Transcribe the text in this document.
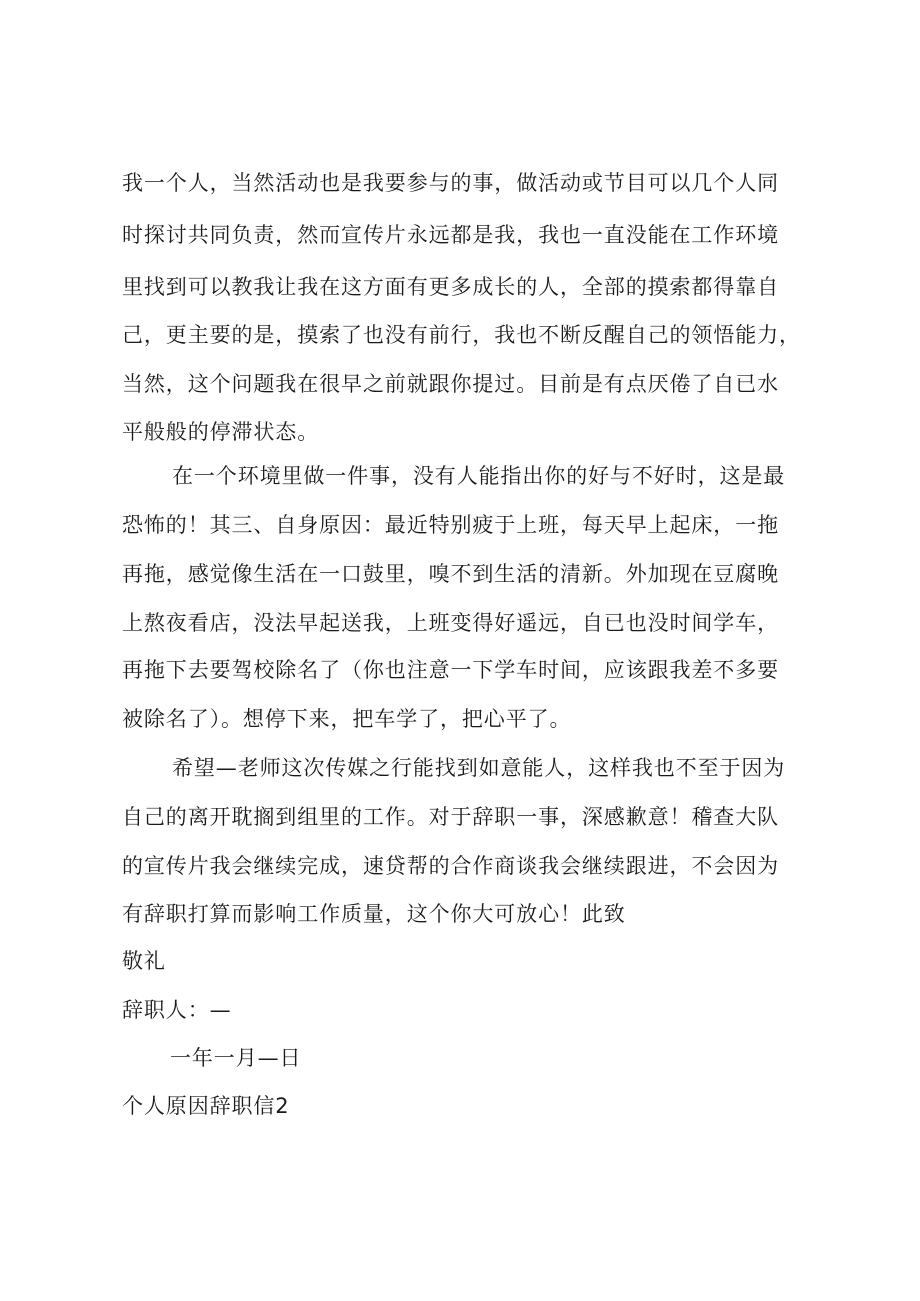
我一个人，当然活动也是我要参与的事，做活动或节目可以几个人同
时探讨共同负责，然而宣传片永远都是我，我也一直没能在工作环境
里找到可以教我让我在这方面有更多成长的人，全部的摸索都得靠自
己，更主要的是，摸索了也没有前行，我也不断反醒自己的领悟能力，
当然，这个问题我在很早之前就跟你提过。目前是有点厌倦了自已水
平般般的停滞状态。
在一个环境里做一件事，没有人能指出你的好与不好时，这是最
恐怖的！其三、自身原因：最近特别疲于上班，每天早上起床，一拖
再拖，感觉像生活在一口鼓里，嗅不到生活的清新。外加现在豆腐晚
上熬夜看店，没法早起送我，上班变得好遥远，自已也没时间学车，
再拖下去要驾校除名了（你也注意一下学车时间，应该跟我差不多要
被除名了）。想停下来，把车学了，把心平了。
希望—老师这次传媒之行能找到如意能人，这样我也不至于因为
自己的离开耽搁到组里的工作。对于辞职一事，深感歉意！稽查大队
的宣传片我会继续完成，速贷帮的合作商谈我会继续跟进，不会因为
有辞职打算而影响工作质量，这个你大可放心！此致
敬礼
辞职人：—
一年一月—日
个人原因辞职信2
